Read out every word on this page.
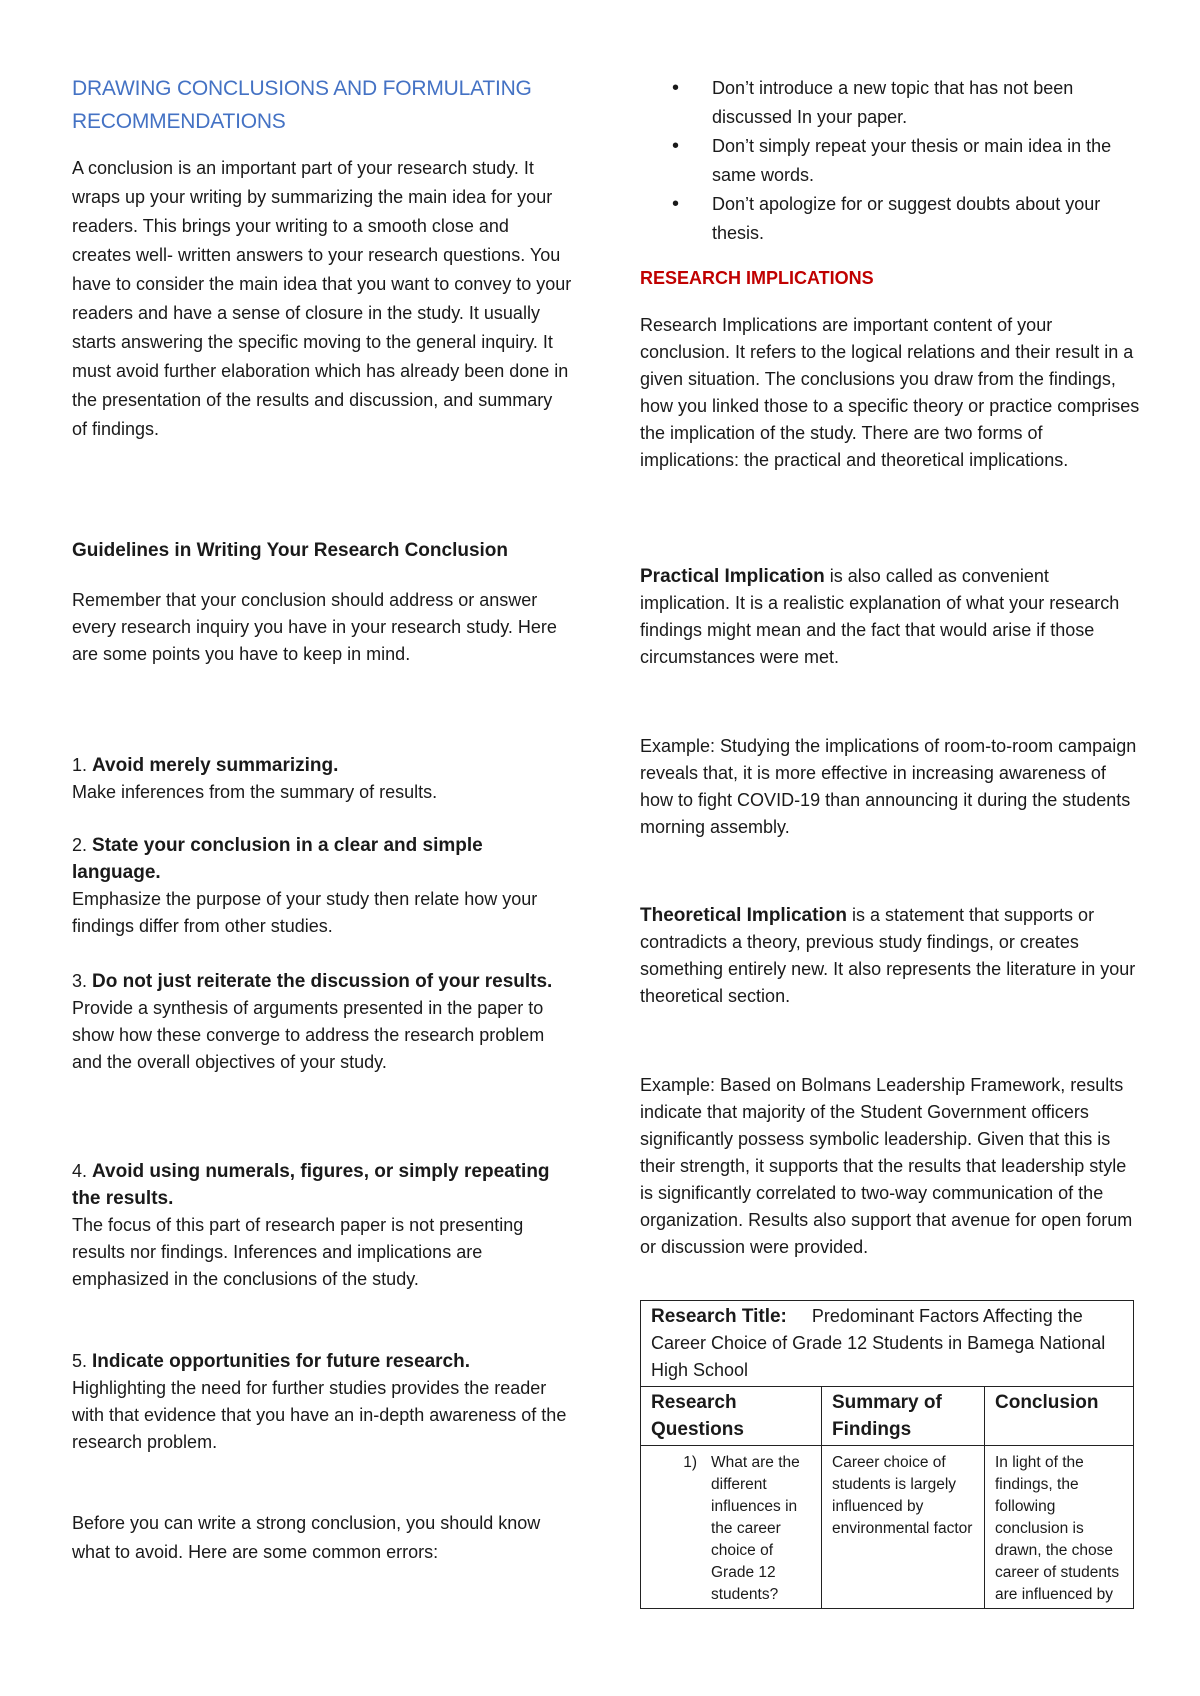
DRAWING CONCLUSIONS AND FORMULATING RECOMMENDATIONS
A conclusion is an important part of your research study. It wraps up your writing by summarizing the main idea for your readers. This brings your writing to a smooth close and creates well- written answers to your research questions. You have to consider the main idea that you want to convey to your readers and have a sense of closure in the study. It usually starts answering the specific moving to the general inquiry. It must avoid further elaboration which has already been done in the presentation of the results and discussion, and summary of findings.
Guidelines in Writing Your Research Conclusion
Remember that your conclusion should address or answer every research inquiry you have in your research study. Here are some points you have to keep in mind.
1. Avoid merely summarizing.
Make inferences from the summary of results.
2. State your conclusion in a clear and simple language.
Emphasize the purpose of your study then relate how your findings differ from other studies.
3. Do not just reiterate the discussion of your results.
Provide a synthesis of arguments presented in the paper to show how these converge to address the research problem and the overall objectives of your study.
4. Avoid using numerals, figures, or simply repeating the results.
The focus of this part of research paper is not presenting results nor findings. Inferences and implications are emphasized in the conclusions of the study.
5. Indicate opportunities for future research.
Highlighting the need for further studies provides the reader with that evidence that you have an in-depth awareness of the research problem.
Before you can write a strong conclusion, you should know what to avoid. Here are some common errors:
• Don’t introduce a new topic that has not been discussed In your paper.
• Don’t simply repeat your thesis or main idea in the same words.
• Don’t apologize for or suggest doubts about your thesis.
RESEARCH IMPLICATIONS
Research Implications are important content of your conclusion. It refers to the logical relations and their result in a given situation. The conclusions you draw from the findings, how you linked those to a specific theory or practice comprises the implication of the study. There are two forms of implications: the practical and theoretical implications.
Practical Implication is also called as convenient implication. It is a realistic explanation of what your research findings might mean and the fact that would arise if those circumstances were met.
Example: Studying the implications of room-to-room campaign reveals that, it is more effective in increasing awareness of how to fight COVID-19 than announcing it during the students morning assembly.
Theoretical Implication is a statement that supports or contradicts a theory, previous study findings, or creates something entirely new. It also represents the literature in your theoretical section.
Example: Based on Bolmans Leadership Framework, results indicate that majority of the Student Government officers significantly possess symbolic leadership. Given that this is their strength, it supports that the results that leadership style is significantly correlated to two-way communication of the organization. Results also support that avenue for open forum or discussion were provided.
Research Title: Predominant Factors Affecting the Career Choice of Grade 12 Students in Bamega National High School		
Research Questions	Summary of Findings	Conclusion

1) What are the different influences in the career choice of Grade 12 students?	Career choice of students is largely influenced by environmental factor	In light of the findings, the following conclusion is drawn, the chose career of students are influenced by
